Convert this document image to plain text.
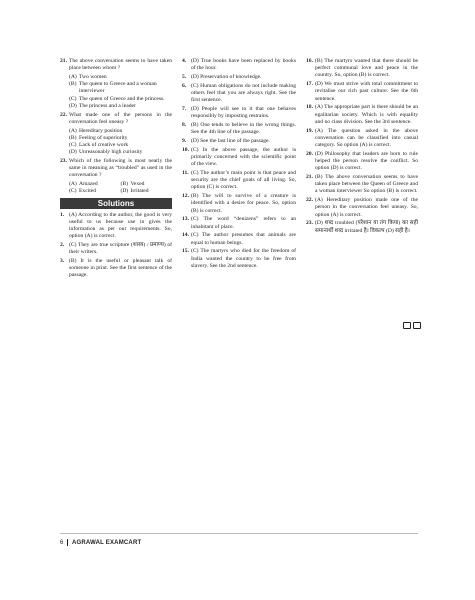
21. The above conversation seems to have taken place between whom ?
(A) Two women
(B) The queen to Greece and a woman interviewer
(C) The queen of Greece and the princess.
(D) The princess and a leader
22. What made one of the persons in the conversation feel uneasy ?
(A) Hereditary position
(B) Feeling of superiority
(C) Lack of creative work
(D) Unreasonably high curiosity
23. Which of the following is most nearly the same in meaning as “troubled” as used in the conversation ?
(A) Amazed	(B) Vexed
(C) Excited	(D) Irritated
Solutions
1. (A) According to the author, the good is very useful to us because use in gives the information as per our requirements. So, option (A) is correct.
2. (C) They are true scripture (शास्त्र) / प्रमाण्य) of their writers.
3. (B) It is the useful or pleasant talk of someone in print. See the first sentence of the passage.
4. (D) True books have been replaced by books of the hour.
5. (D) Preservation of knowledge.
6. (C) Human obligations do not include making others feel that you are always right. See the first sentence.
7. (D) People will see to it that one behaves responsibly by imposting restrains.
8. (B) One tends to believe in the wrong things. See the 4th line of the passage.
9. (D) See the last line of the passage.
10. (C) In the above passage, the author is primarily concerned with the scientific point of the view.
11. (C) The author’s main point is that peace and security are the chief goals of all living. So, option (C) is correct.
12. (B) The will to survive of a creature is identified with a desire for peace. So, option (B) is correct.
13. (C) The word “denizens” refers to an inhabitant of place.
14. (C) The author presumes that animals are equal to human beings.
15. (C) The martyrs who died for the freedom of India wanted the country to be free from slavery. See the 2nd sentence.
16. (B) The martyrs wanted that there should be perfect communal love and peace in the country. So, option (B) is correct.
17. (D) We must strive with total commitment to revitalise our rich past culture. See the 6th sentence.
18. (A) The appropriate part is there should be an egalitarian society. Which is with equality and no class division. See the 3rd sentence.
19. (A) The question asked in the above conversation can be classified into casual category. So option (A) is correct.
20. (D) Philosophy that leaders are born to rule helped the person resolve the conflict. So option (D) is correct.
21. (B) The above conversation seems to have taken place between the Queen of Greece and a woman interviewer So option (B) is correct.
22. (A) Hereditary position made one of the person in the conversation feel uneasy. So, option (A) is correct.
23. (D) शब्द troubled (परेशान या तंग किया) का सही समानार्थी शब्द irritated है। विकल्प (D) सही है।
6 AGRAWAL EXAMCART
